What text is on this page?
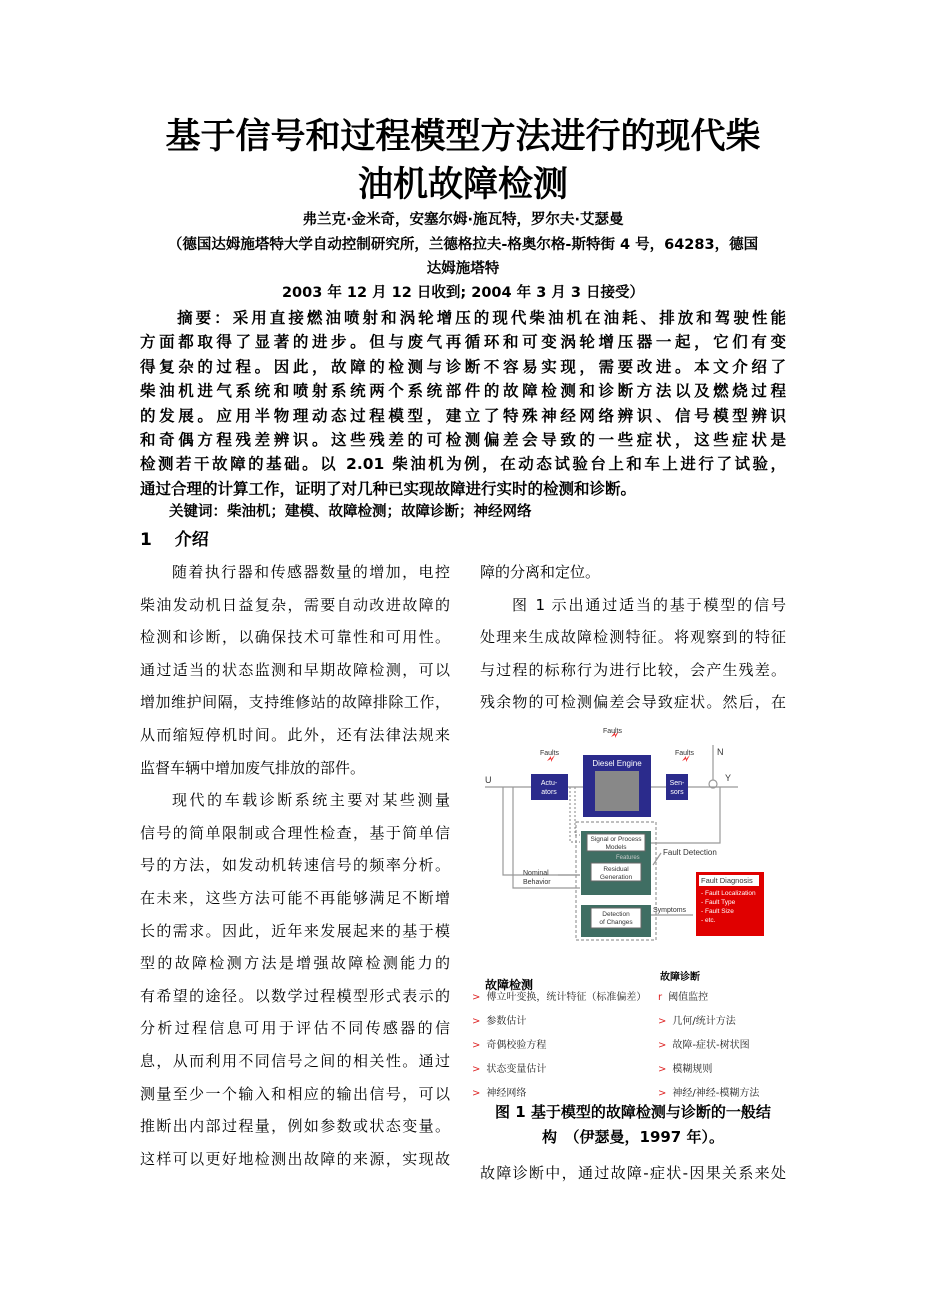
基于信号和过程模型方法进行的现代柴
油机故障检测
弗兰克·金米奇，安塞尔姆·施瓦特，罗尔夫·艾瑟曼
（德国达姆施塔特大学自动控制研究所，兰德格拉夫-格奥尔格-斯特街 4 号，64283，德国
达姆施塔特
2003 年 12 月 12 日收到; 2004 年 3 月 3 日接受）
　　摘要：采用直接燃油喷射和涡轮增压的现代柴油机在油耗、排放和驾驶性能
方面都取得了显著的进步。但与废气再循环和可变涡轮增压器一起，它们有变
得复杂的过程。因此，故障的检测与诊断不容易实现，需要改进。本文介绍了
柴油机进气系统和喷射系统两个系统部件的故障检测和诊断方法以及燃烧过程
的发展。应用半物理动态过程模型，建立了特殊神经网络辨识、信号模型辨识
和奇偶方程残差辨识。这些残差的可检测偏差会导致的一些症状，这些症状是
检测若干故障的基础。以 2.01 柴油机为例，在动态试验台上和车上进行了试验，
通过合理的计算工作，证明了对几种已实现故障进行实时的检测和诊断。
　　关键词：柴油机；建模、故障检测；故障诊断；神经网络
1　 介绍
随着执行器和传感器数量的增加，电控
柴油发动机日益复杂，需要自动改进故障的
检测和诊断，以确保技术可靠性和可用性。
通过适当的状态监测和早期故障检测，可以
增加维护间隔，支持维修站的故障排除工作，
从而缩短停机时间。此外，还有法律法规来
监督车辆中增加废气排放的部件。
现代的车载诊断系统主要对某些测量
信号的简单限制或合理性检查，基于简单信
号的方法，如发动机转速信号的频率分析。
在未来，这些方法可能不再能够满足不断增
长的需求。因此，近年来发展起来的基于模
型的故障检测方法是增强故障检测能力的
有希望的途径。以数学过程模型形式表示的
分析过程信息可用于评估不同传感器的信
息，从而利用不同信号之间的相关性。通过
测量至少一个输入和相应的输出信号，可以
推断出内部过程量，例如参数或状态变量。
这样可以更好地检测出故障的来源，实现故
障的分离和定位。
图 1 示出通过适当的基于模型的信号
处理来生成故障检测特征。将观察到的特征
与过程的标称行为进行比较，会产生残差。
残余物的可检测偏差会导致症状。然后，在
Faults
Faults
Faults
U	Y
N
Nominal
Behavior
Fault Detection
Symptoms
Features
Actu-
ators
Diesel Engine
Sen-
sors
Signal or Process
Models
Residual
Generation
Detection
of Changes
Fault Diagnosis
- Fault Localization
- Fault Type
- Fault Size
- etc.
故障检测
故障诊断
> 傅立叶变换，统计特征（标准偏差）
> 参数估计
> 奇偶校验方程
> 状态变量估计
> 神经网络
r 阈值监控
> 几何/统计方法
> 故障-症状-树状图
> 模糊规则
> 神经/神经-模糊方法
图 1 基于模型的故障检测与诊断的一般结
构　（伊瑟曼，1997 年）。
故障诊断中，通过故障-症状-因果关系来处
